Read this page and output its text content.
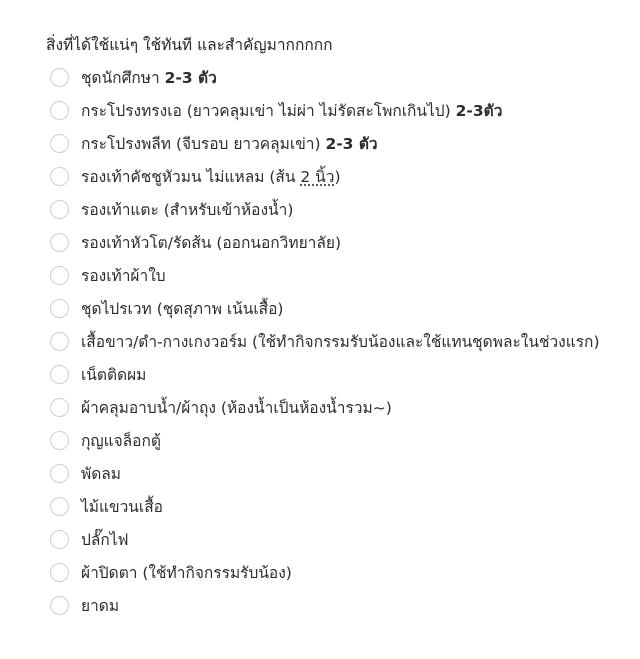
สิ่งที่ได้ใช้แน่ๆ ใช้ทันที และสำคัญมากกกกก
ชุดนักศึกษา 2-3 ตัว
กระโปรงทรงเอ (ยาวคลุมเข่า ไม่ผ่า ไม่รัดสะโพกเกินไป) 2-3ตัว
กระโปรงพลีท (จีบรอบ ยาวคลุมเข่า) 2-3 ตัว
รองเท้าคัชชูหัวมน ไม่แหลม (ส้น 2 นิ้ว)
รองเท้าแตะ (สำหรับเข้าห้องน้ำ)
รองเท้าหัวโต/รัดส้น (ออกนอกวิทยาลัย)
รองเท้าผ้าใบ
ชุดไปรเวท (ชุดสุภาพ เน้นเสื้อ)
เสื้อขาว/ดำ-กางเกงวอร์ม (ใช้ทำกิจกรรมรับน้องและใช้แทนชุดพละในช่วงแรก)
เน็ตติดผม
ผ้าคลุมอาบน้ำ/ผ้าถุง (ห้องน้ำเป็นห้องน้ำรวม~)
กุญแจล็อกตู้
พัดลม
ไม้แขวนเสื้อ
ปลั๊กไฟ
ผ้าปิดตา (ใช้ทำกิจกรรมรับน้อง)
ยาดม
